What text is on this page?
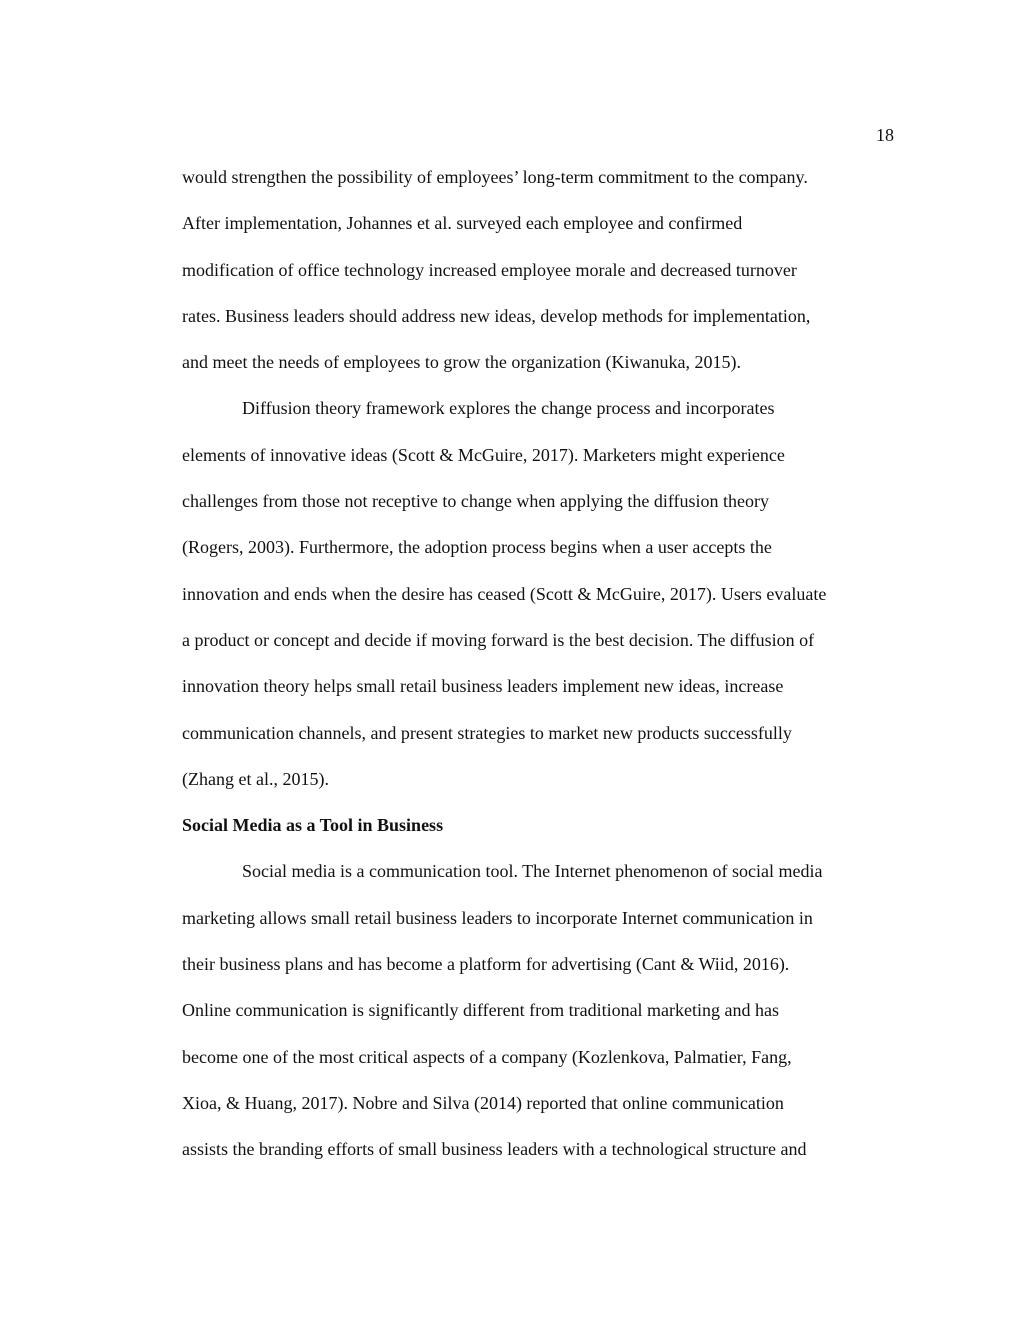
18
would strengthen the possibility of employees’ long-term commitment to the company.
After implementation, Johannes et al. surveyed each employee and confirmed
modification of office technology increased employee morale and decreased turnover
rates. Business leaders should address new ideas, develop methods for implementation,
and meet the needs of employees to grow the organization (Kiwanuka, 2015).
Diffusion theory framework explores the change process and incorporates
elements of innovative ideas (Scott & McGuire, 2017). Marketers might experience
challenges from those not receptive to change when applying the diffusion theory
(Rogers, 2003). Furthermore, the adoption process begins when a user accepts the
innovation and ends when the desire has ceased (Scott & McGuire, 2017). Users evaluate
a product or concept and decide if moving forward is the best decision. The diffusion of
innovation theory helps small retail business leaders implement new ideas, increase
communication channels, and present strategies to market new products successfully
(Zhang et al., 2015).
Social Media as a Tool in Business
Social media is a communication tool. The Internet phenomenon of social media
marketing allows small retail business leaders to incorporate Internet communication in
their business plans and has become a platform for advertising (Cant & Wiid, 2016).
Online communication is significantly different from traditional marketing and has
become one of the most critical aspects of a company (Kozlenkova, Palmatier, Fang,
Xioa, & Huang, 2017). Nobre and Silva (2014) reported that online communication
assists the branding efforts of small business leaders with a technological structure and
